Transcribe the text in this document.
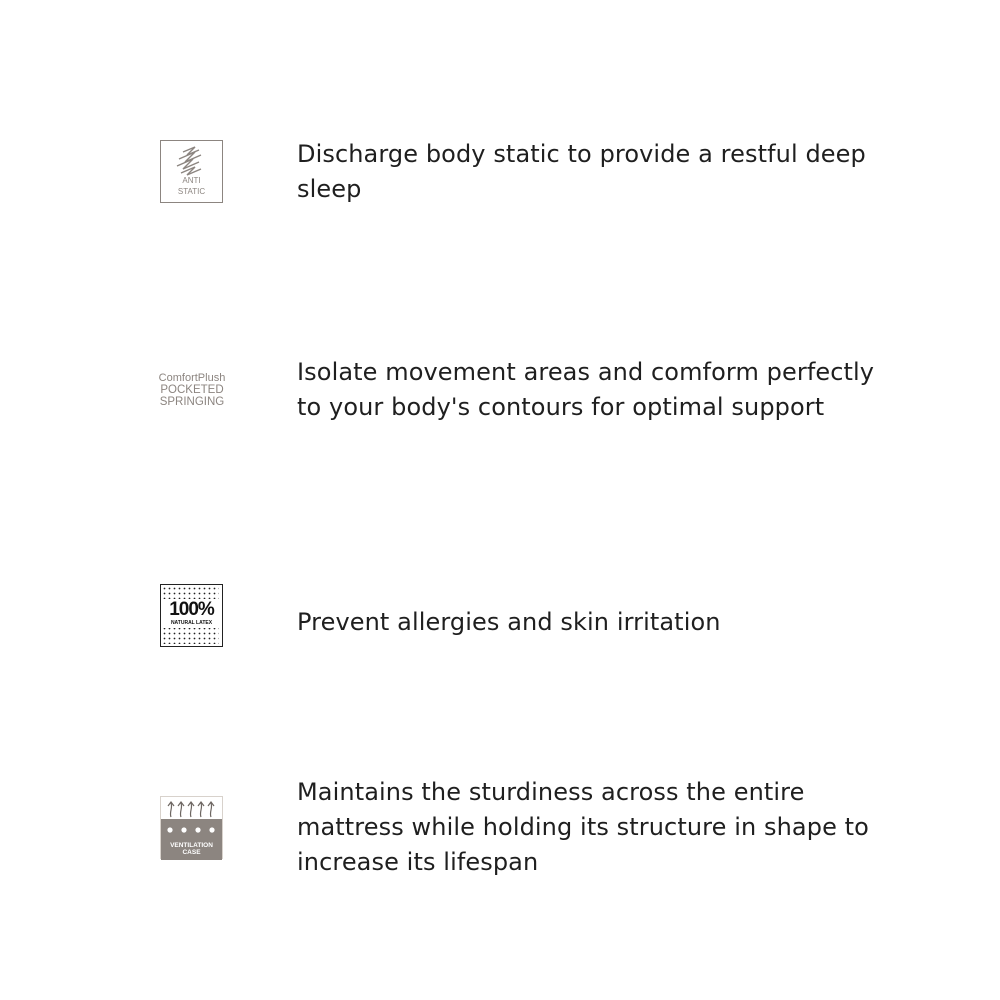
ANTI
STATIC
Discharge body static to provide a restful deep sleep
ComfortPlush
POCKETED
SPRINGING
Isolate movement areas and comform perfectly to your body's contours for optimal support
100%
NATURAL LATEX	Prevent allergies and skin irritation
VENTILATION
CASE
Maintains the sturdiness across the entire mattress while holding its structure in shape to increase its lifespan
